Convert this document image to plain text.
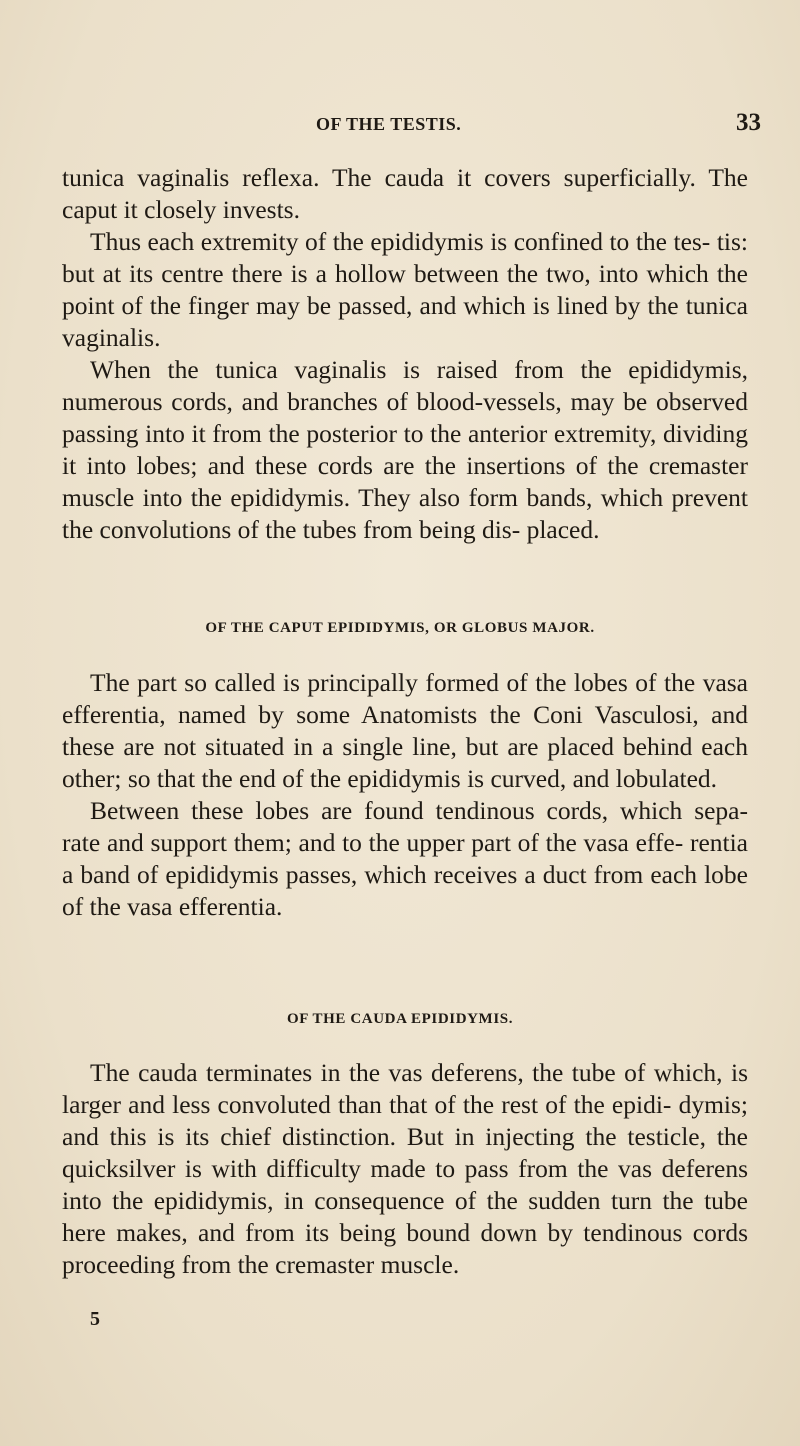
OF THE TESTIS.	33

tunica vaginalis reflexa. The cauda it covers superficially. The caput it closely invests.

Thus each extremity of the epididymis is confined to the tes- tis: but at its centre there is a hollow between the two, into which the point of the finger may be passed, and which is lined by the tunica vaginalis.

When the tunica vaginalis is raised from the epididymis, numerous cords, and branches of blood-vessels, may be observed passing into it from the posterior to the anterior extremity, dividing it into lobes; and these cords are the insertions of the cremaster muscle into the epididymis. They also form bands, which prevent the convolutions of the tubes from being dis- placed.

OF THE CAPUT EPIDIDYMIS, OR GLOBUS MAJOR.

The part so called is principally formed of the lobes of the vasa efferentia, named by some Anatomists the Coni Vasculosi, and these are not situated in a single line, but are placed behind each other; so that the end of the epididymis is curved, and lobulated.

Between these lobes are found tendinous cords, which sepa- rate and support them; and to the upper part of the vasa effe- rentia a band of epididymis passes, which receives a duct from each lobe of the vasa efferentia.

OF THE CAUDA EPIDIDYMIS.

The cauda terminates in the vas deferens, the tube of which, is larger and less convoluted than that of the rest of the epidi- dymis; and this is its chief distinction. But in injecting the testicle, the quicksilver is with difficulty made to pass from the vas deferens into the epididymis, in consequence of the sudden turn the tube here makes, and from its being bound down by tendinous cords proceeding from the cremaster muscle.

5
